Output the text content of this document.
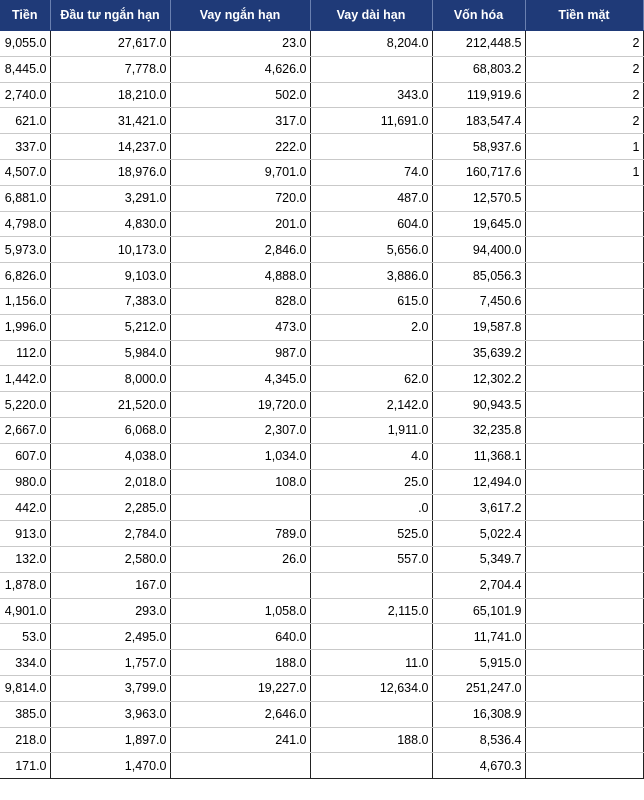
Tiền	Đầu tư ngắn hạn	Vay ngắn hạn	Vay dài hạn	Vốn hóa	Tiền mặt
9,055.0	27,617.0	23.0	8,204.0	212,448.5	2
8,445.0	7,778.0	4,626.0		68,803.2	2
2,740.0	18,210.0	502.0	343.0	119,919.6	2
621.0	31,421.0	317.0	11,691.0	183,547.4	2
337.0	14,237.0	222.0		58,937.6	1
4,507.0	18,976.0	9,701.0	74.0	160,717.6	1
6,881.0	3,291.0	720.0	487.0	12,570.5	
4,798.0	4,830.0	201.0	604.0	19,645.0	
5,973.0	10,173.0	2,846.0	5,656.0	94,400.0	
6,826.0	9,103.0	4,888.0	3,886.0	85,056.3	
1,156.0	7,383.0	828.0	615.0	7,450.6	
1,996.0	5,212.0	473.0	2.0	19,587.8	
112.0	5,984.0	987.0		35,639.2	
1,442.0	8,000.0	4,345.0	62.0	12,302.2	
5,220.0	21,520.0	19,720.0	2,142.0	90,943.5	
2,667.0	6,068.0	2,307.0	1,911.0	32,235.8	
607.0	4,038.0	1,034.0	4.0	11,368.1	
980.0	2,018.0	108.0	25.0	12,494.0	
442.0	2,285.0		.0	3,617.2	
913.0	2,784.0	789.0	525.0	5,022.4	
132.0	2,580.0	26.0	557.0	5,349.7	
1,878.0	167.0			2,704.4	
4,901.0	293.0	1,058.0	2,115.0	65,101.9	
53.0	2,495.0	640.0		11,741.0	
334.0	1,757.0	188.0	11.0	5,915.0	
9,814.0	3,799.0	19,227.0	12,634.0	251,247.0	
385.0	3,963.0	2,646.0		16,308.9	
218.0	1,897.0	241.0	188.0	8,536.4	
171.0	1,470.0			4,670.3	
